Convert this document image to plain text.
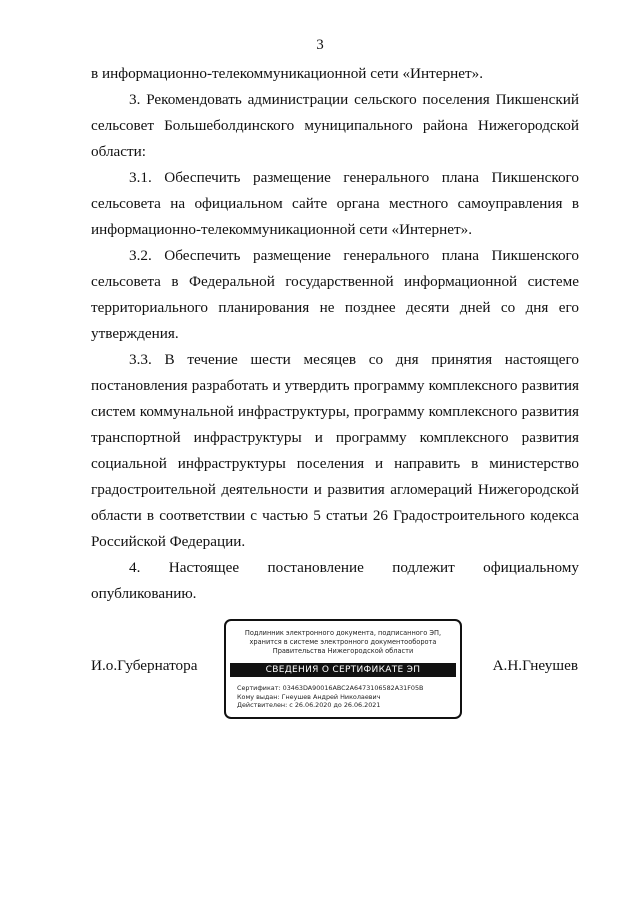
3

в информационно-телекоммуникационной сети «Интернет».

3. Рекомендовать администрации сельского поселения Пикшенский сельсовет Большеболдинского муниципального района Нижегородской области:

3.1. Обеспечить размещение генерального плана Пикшенского сельсовета на официальном сайте органа местного самоуправления в информационно-телекоммуникационной сети «Интернет».

3.2. Обеспечить размещение генерального плана Пикшенского сельсовета в Федеральной государственной информационной системе территориального планирования не позднее десяти дней со дня его утверждения.

3.3. В течение шести месяцев со дня принятия настоящего постановления разработать и утвердить программу комплексного развития систем коммунальной инфраструктуры, программу комплексного развития транспортной инфраструктуры и программу комплексного развития социальной инфраструктуры поселения и направить в министерство градостроительной деятельности и развития агломераций Нижегородской области в соответствии с частью 5 статьи 26 Градостроительного кодекса Российской Федерации.

4. Настоящее постановление подлежит официальному опубликованию.

И.о.Губернатора
Подлинник электронного документа, подписанного ЭП, хранится в системе электронного документооборота Правительства Нижегородской области
СВЕДЕНИЯ О СЕРТИФИКАТЕ ЭП
Сертификат: 03463DA90016ABC2A6473106582A31F05B
Кому выдан: Гнеушев Андрей Николаевич
Действителен: с 26.06.2020 до 26.06.2021
А.Н.Гнеушев
